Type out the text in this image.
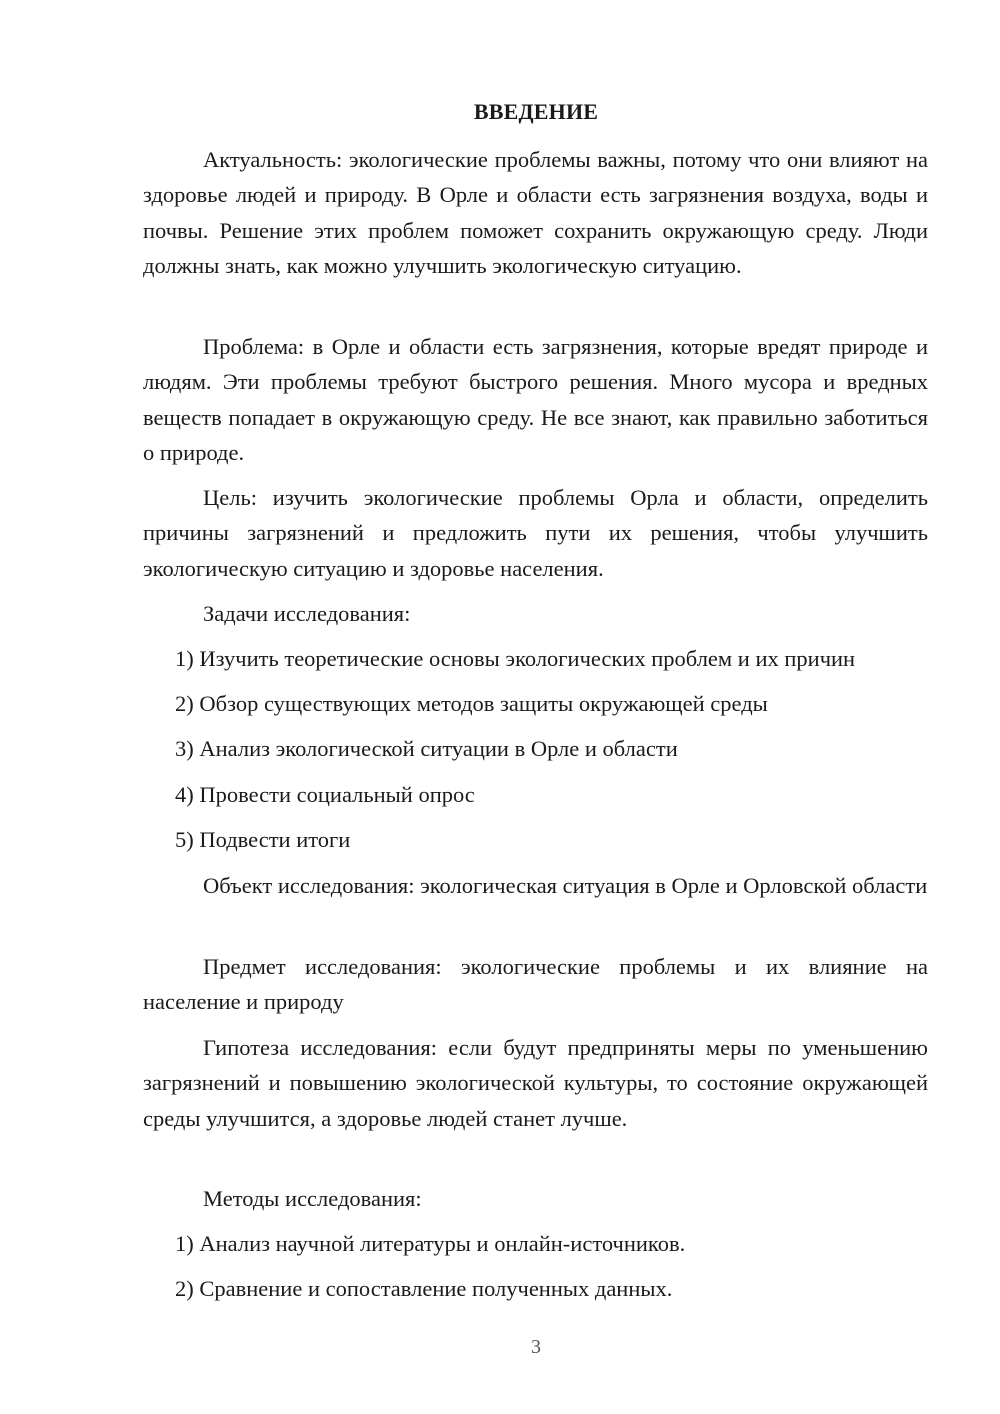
ВВЕДЕНИЕ

Актуальность: экологические проблемы важны, потому что они влияют на здоровье людей и природу. В Орле и области есть загрязнения воздуха, воды и почвы. Решение этих проблем поможет сохранить окружающую среду. Люди должны знать, как можно улучшить экологическую ситуацию.

Проблема: в Орле и области есть загрязнения, которые вредят природе и людям. Эти проблемы требуют быстрого решения. Много мусора и вредных веществ попадает в окружающую среду. Не все знают, как правильно заботиться о природе.

Цель: изучить экологические проблемы Орла и области, определить причины загрязнений и предложить пути их решения, чтобы улучшить экологическую ситуацию и здоровье населения.

Задачи исследования:

1) Изучить теоретические основы экологических проблем и их причин

2) Обзор существующих методов защиты окружающей среды

3) Анализ экологической ситуации в Орле и области

4) Провести социальный опрос

5) Подвести итоги

Объект исследования: экологическая ситуация в Орле и Орловской области

Предмет исследования: экологические проблемы и их влияние на население и природу

Гипотеза исследования: если будут предприняты меры по уменьшению загрязнений и повышению экологической культуры, то состояние окружающей среды улучшится, а здоровье людей станет лучше.

Методы исследования:

1) Анализ научной литературы и онлайн-источников.

2) Сравнение и сопоставление полученных данных.

3
